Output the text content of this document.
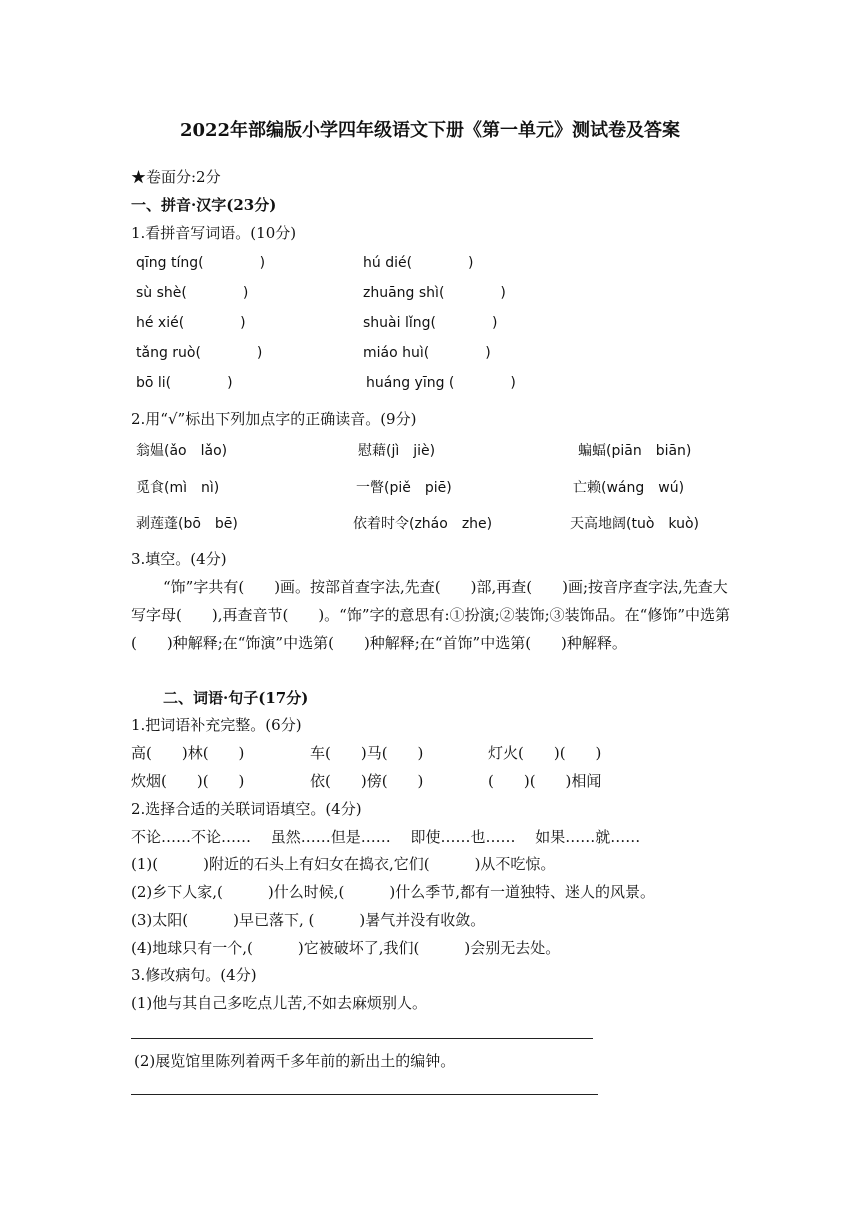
2022年部编版小学四年级语文下册《第一单元》测试卷及答案
★卷面分:2分
一、拼音·汉字(23分)
1.看拼音写词语。(10分)
qīng tíng(　　　　)	hú dié(　　　　)
sù shè(　　　　)	zhuāng shì(　　　　)
hé xié(　　　　)	shuài lǐng(　　　　)
tǎng ruò(　　　　)	miáo huì(　　　　)
bō li(　　　　)	huáng yīng (　　　　)
2.用“√”标出下列加点字的正确读音。(9分)
翁媪(ǎo　lǎo)	慰藉(jì　jiè)	蝙蝠(piān　biān)
觅食(mì　nì)	一瞥(piě　piē)	亡赖(wáng　wú)
剥莲蓬(bō　bē)	依着时令(zháo　zhe)	天高地阔(tuò　kuò)
3.填空。(4分)
“饰”字共有(　　)画。按部首查字法,先查(　　)部,再查(　　)画;按音序查字法,先查大写字母(　　),再查音节(　　)。“饰”字的意思有:①扮演;②装饰;③装饰品。在“修饰”中选第(　　)种解释;在“饰演”中选第(　　)种解释;在“首饰”中选第(　　)种解释。
二、词语·句子(17分)
1.把词语补充完整。(6分)
高(　　)林(　　)	车(　　)马(　　)	灯火(　　)(　　)
炊烟(　　)(　　)	依(　　)傍(　　)	(　　)(　　)相闻
2.选择合适的关联词语填空。(4分)
不论……不论……　 虽然……但是……　 即使……也……　 如果……就……
(1)(　　　)附近的石头上有妇女在捣衣,它们(　　　)从不吃惊。
(2)乡下人家,(　　　)什么时候,(　　　)什么季节,都有一道独特、迷人的风景。
(3)太阳(　　　)早已落下, (　　　)暑气并没有收敛。
(4)地球只有一个,(　　　)它被破坏了,我们(　　　)会别无去处。
3.修改病句。(4分)
(1)他与其自己多吃点儿苦,不如去麻烦别人。
(2)展览馆里陈列着两千多年前的新出土的编钟。
